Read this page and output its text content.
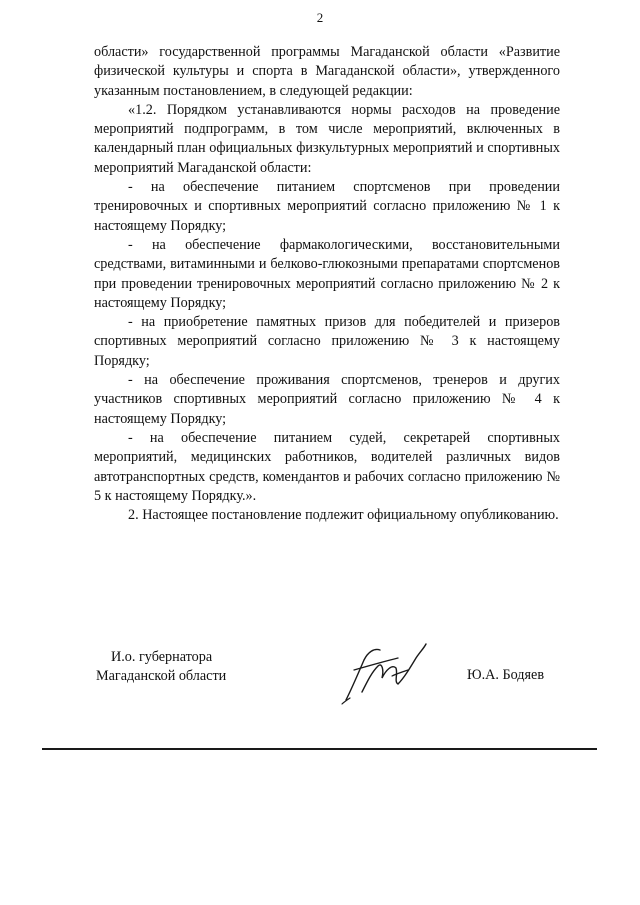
2

области» государственной программы Магаданской области «Развитие физической культуры и спорта в Магаданской области», утвержденного указанным постановлением, в следующей редакции:

«1.2. Порядком устанавливаются нормы расходов на проведение мероприятий подпрограмм, в том числе мероприятий, включенных в календарный план официальных физкультурных мероприятий и спортивных мероприятий Магаданской области:

- на обеспечение питанием спортсменов при проведении тренировочных и спортивных мероприятий согласно приложению № 1 к настоящему Порядку;

- на обеспечение фармакологическими, восстановительными средствами, витаминными и белково-глюкозными препаратами спортсменов при проведении тренировочных мероприятий согласно приложению № 2 к настоящему Порядку;

- на приобретение памятных призов для победителей и призеров спортивных мероприятий согласно приложению № 3 к настоящему Порядку;

- на обеспечение проживания спортсменов, тренеров и других участников спортивных мероприятий согласно приложению № 4 к настоящему Порядку;

- на обеспечение питанием судей, секретарей спортивных мероприятий, медицинских работников, водителей различных видов автотранспортных средств, комендантов и рабочих согласно приложению № 5 к настоящему Порядку.».

2. Настоящее постановление подлежит официальному опубликованию.

И.о. губернатора
Магаданской области	Ю.А. Бодяев
